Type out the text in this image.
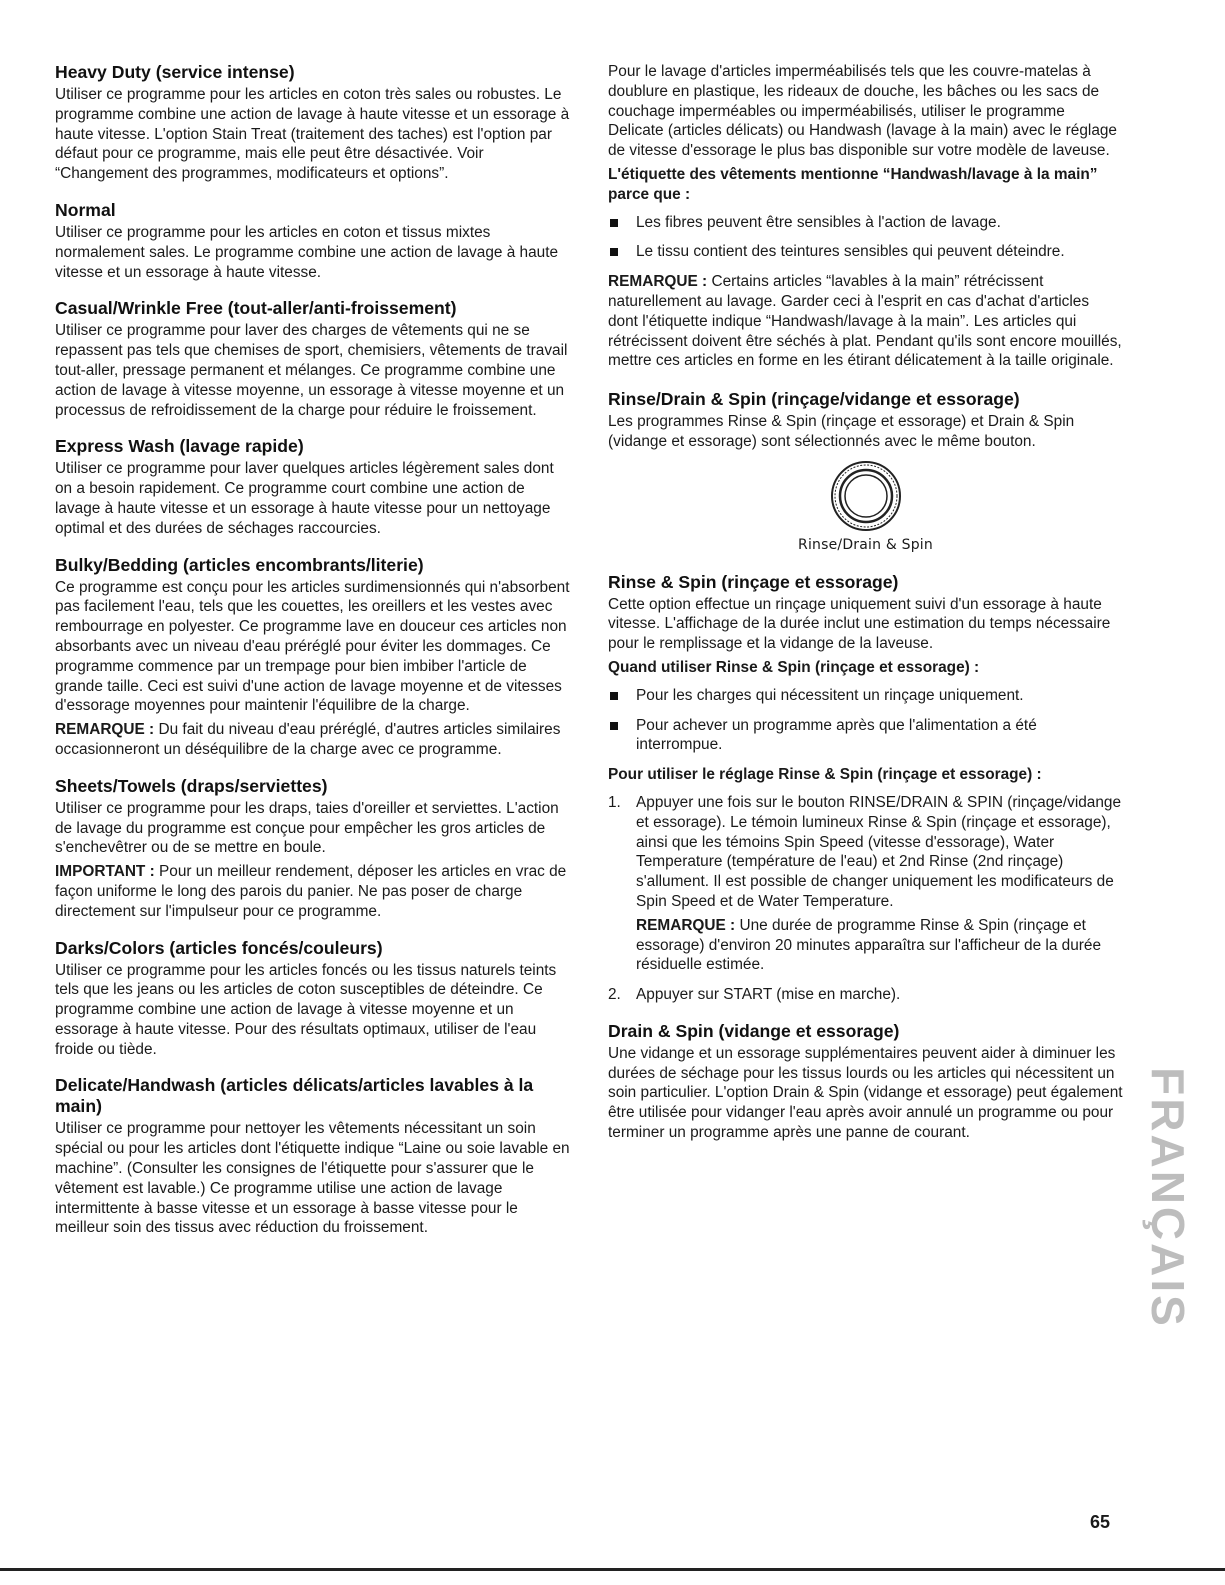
Heavy Duty (service intense)

Utiliser ce programme pour les articles en coton très sales ou robustes. Le programme combine une action de lavage à haute vitesse et un essorage à haute vitesse. L'option Stain Treat (traitement des taches) est l'option par défaut pour ce programme, mais elle peut être désactivée. Voir “Changement des programmes, modificateurs et options”.

Normal

Utiliser ce programme pour les articles en coton et tissus mixtes normalement sales. Le programme combine une action de lavage à haute vitesse et un essorage à haute vitesse.

Casual/Wrinkle Free (tout-aller/anti-froissement)

Utiliser ce programme pour laver des charges de vêtements qui ne se repassent pas tels que chemises de sport, chemisiers, vêtements de travail tout-aller, pressage permanent et mélanges. Ce programme combine une action de lavage à vitesse moyenne, un essorage à vitesse moyenne et un processus de refroidissement de la charge pour réduire le froissement.

Express Wash (lavage rapide)

Utiliser ce programme pour laver quelques articles légèrement sales dont on a besoin rapidement. Ce programme court combine une action de lavage à haute vitesse et un essorage à haute vitesse pour un nettoyage optimal et des durées de séchages raccourcies.

Bulky/Bedding (articles encombrants/literie)

Ce programme est conçu pour les articles surdimensionnés qui n'absorbent pas facilement l'eau, tels que les couettes, les oreillers et les vestes avec rembourrage en polyester. Ce programme lave en douceur ces articles non absorbants avec un niveau d'eau préréglé pour éviter les dommages. Ce programme commence par un trempage pour bien imbiber l'article de grande taille. Ceci est suivi d'une action de lavage moyenne et de vitesses d'essorage moyennes pour maintenir l'équilibre de la charge.

REMARQUE : Du fait du niveau d'eau préréglé, d'autres articles similaires occasionneront un déséquilibre de la charge avec ce programme.

Sheets/Towels (draps/serviettes)

Utiliser ce programme pour les draps, taies d'oreiller et serviettes. L'action de lavage du programme est conçue pour empêcher les gros articles de s'enchevêtrer ou de se mettre en boule.

IMPORTANT : Pour un meilleur rendement, déposer les articles en vrac de façon uniforme le long des parois du panier. Ne pas poser de charge directement sur l'impulseur pour ce programme.

Darks/Colors (articles foncés/couleurs)

Utiliser ce programme pour les articles foncés ou les tissus naturels teints tels que les jeans ou les articles de coton susceptibles de déteindre. Ce programme combine une action de lavage à vitesse moyenne et un essorage à haute vitesse. Pour des résultats optimaux, utiliser de l'eau froide ou tiède.

Delicate/Handwash (articles délicats/articles lavables à la main)

Utiliser ce programme pour nettoyer les vêtements nécessitant un soin spécial ou pour les articles dont l'étiquette indique “Laine ou soie lavable en machine”. (Consulter les consignes de l'étiquette pour s'assurer que le vêtement est lavable.) Ce programme utilise une action de lavage intermittente à basse vitesse et un essorage à basse vitesse pour le meilleur soin des tissus avec réduction du froissement.

Pour le lavage d'articles imperméabilisés tels que les couvre-matelas à doublure en plastique, les rideaux de douche, les bâches ou les sacs de couchage imperméables ou imperméabilisés, utiliser le programme Delicate (articles délicats) ou Handwash (lavage à la main) avec le réglage de vitesse d'essorage le plus bas disponible sur votre modèle de laveuse.

L'étiquette des vêtements mentionne “Handwash/lavage à la main” parce que :

Les fibres peuvent être sensibles à l'action de lavage.
Le tissu contient des teintures sensibles qui peuvent déteindre.

REMARQUE : Certains articles “lavables à la main” rétrécissent naturellement au lavage. Garder ceci à l'esprit en cas d'achat d'articles dont l'étiquette indique “Handwash/lavage à la main”. Les articles qui rétrécissent doivent être séchés à plat. Pendant qu'ils sont encore mouillés, mettre ces articles en forme en les étirant délicatement à la taille originale.

Rinse/Drain & Spin (rinçage/vidange et essorage)

Les programmes Rinse & Spin (rinçage et essorage) et Drain & Spin (vidange et essorage) sont sélectionnés avec le même bouton.

Rinse/Drain & Spin
Rinse & Spin (rinçage et essorage)

Cette option effectue un rinçage uniquement suivi d'un essorage à haute vitesse. L'affichage de la durée inclut une estimation du temps nécessaire pour le remplissage et la vidange de la laveuse.

Quand utiliser Rinse & Spin (rinçage et essorage) :

Pour les charges qui nécessitent un rinçage uniquement.
Pour achever un programme après que l'alimentation a été interrompue.

Pour utiliser le réglage Rinse & Spin (rinçage et essorage) :

1. Appuyer une fois sur le bouton RINSE/DRAIN & SPIN (rinçage/vidange et essorage). Le témoin lumineux Rinse & Spin (rinçage et essorage), ainsi que les témoins Spin Speed (vitesse d'essorage), Water Temperature (température de l'eau) et 2nd Rinse (2nd rinçage) s'allument. Il est possible de changer uniquement les modificateurs de Spin Speed et de Water Temperature.
REMARQUE : Une durée de programme Rinse & Spin (rinçage et essorage) d'environ 20 minutes apparaîtra sur l'afficheur de la durée résiduelle estimée.
2. Appuyer sur START (mise en marche).
Drain & Spin (vidange et essorage)

Une vidange et un essorage supplémentaires peuvent aider à diminuer les durées de séchage pour les tissus lourds ou les articles qui nécessitent un soin particulier. L'option Drain & Spin (vidange et essorage) peut également être utilisée pour vidanger l'eau après avoir annulé un programme ou pour terminer un programme après une panne de courant.	FRANÇAIS
65
